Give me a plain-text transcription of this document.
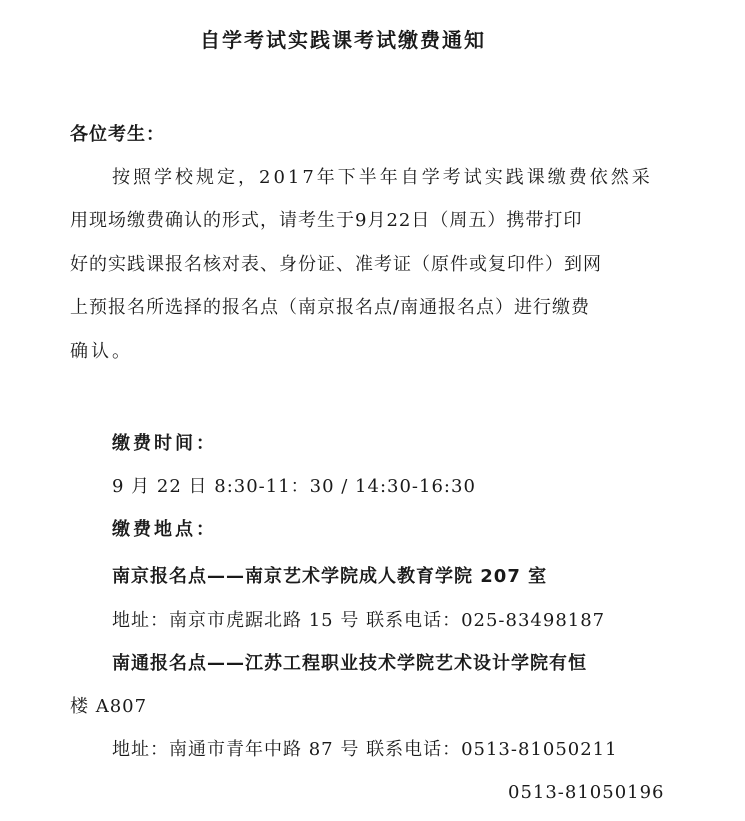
自学考试实践课考试缴费通知
各位考生：
按照学校规定，2017年下半年自学考试实践课缴费依然采
用现场缴费确认的形式，请考生于9月22日（周五）携带打印
好的实践课报名核对表、身份证、准考证（原件或复印件）到网
上预报名所选择的报名点（南京报名点/南通报名点）进行缴费
确认。
缴费时间：
9 月 22 日 8:30-11：30 / 14:30-16:30
缴费地点：
南京报名点——南京艺术学院成人教育学院 207 室
地址：南京市虎踞北路 15 号 联系电话：025-83498187
南通报名点——江苏工程职业技术学院艺术设计学院有恒
楼 A807
地址：南通市青年中路 87 号 联系电话：0513-81050211
0513-81050196
